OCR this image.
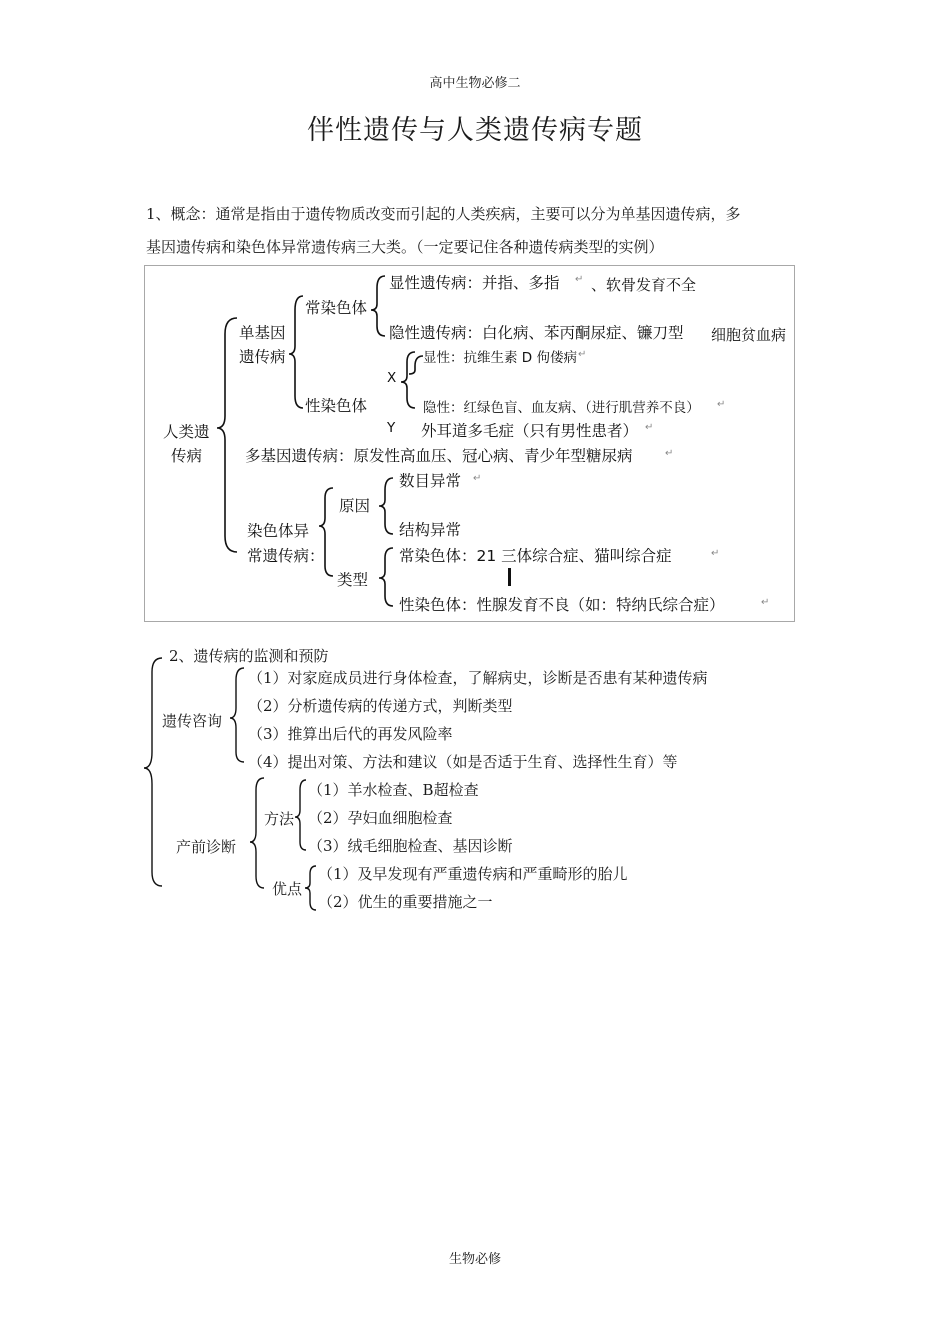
高中生物必修二
伴性遗传与人类遗传病专题
1、概念：通常是指由于遗传物质改变而引起的人类疾病，主要可以分为单基因遗传病，多
基因遗传病和染色体异常遗传病三大类。（一定要记住各种遗传病类型的实例）
人类遗
传病
单基因
遗传病
常染色体
显性遗传病：并指、多指 ↵ 、软骨发育不全
隐性遗传病：白化病、苯丙酮尿症、镰刀型 细胞贫血病
性染色体
X
Y
显性：抗维生素 D 佝偻病 ↵
隐性：红绿色盲、血友病、（进行肌营养不良） ↵
外耳道多毛症（只有男性患者） ↵
多基因遗传病：原发性高血压、冠心病、青少年型糖尿病	↵
染色体异
常遗传病：
原因
数目异常 ↵
结构异常
类型
常染色体：21 三体综合症、猫叫综合症	↵
性染色体：性腺发育不良（如：特纳氏综合症）	↵
2、遗传病的监测和预防
遗传咨询
（1）对家庭成员进行身体检查，了解病史，诊断是否患有某种遗传病
（2）分析遗传病的传递方式，判断类型
（3）推算出后代的再发风险率
（4）提出对策、方法和建议（如是否适于生育、选择性生育）等
产前诊断
方法
（1）羊水检查、B超检查
（2）孕妇血细胞检查
（3）绒毛细胞检查、基因诊断
优点
（1）及早发现有严重遗传病和严重畸形的胎儿
（2）优生的重要措施之一
生物必修
